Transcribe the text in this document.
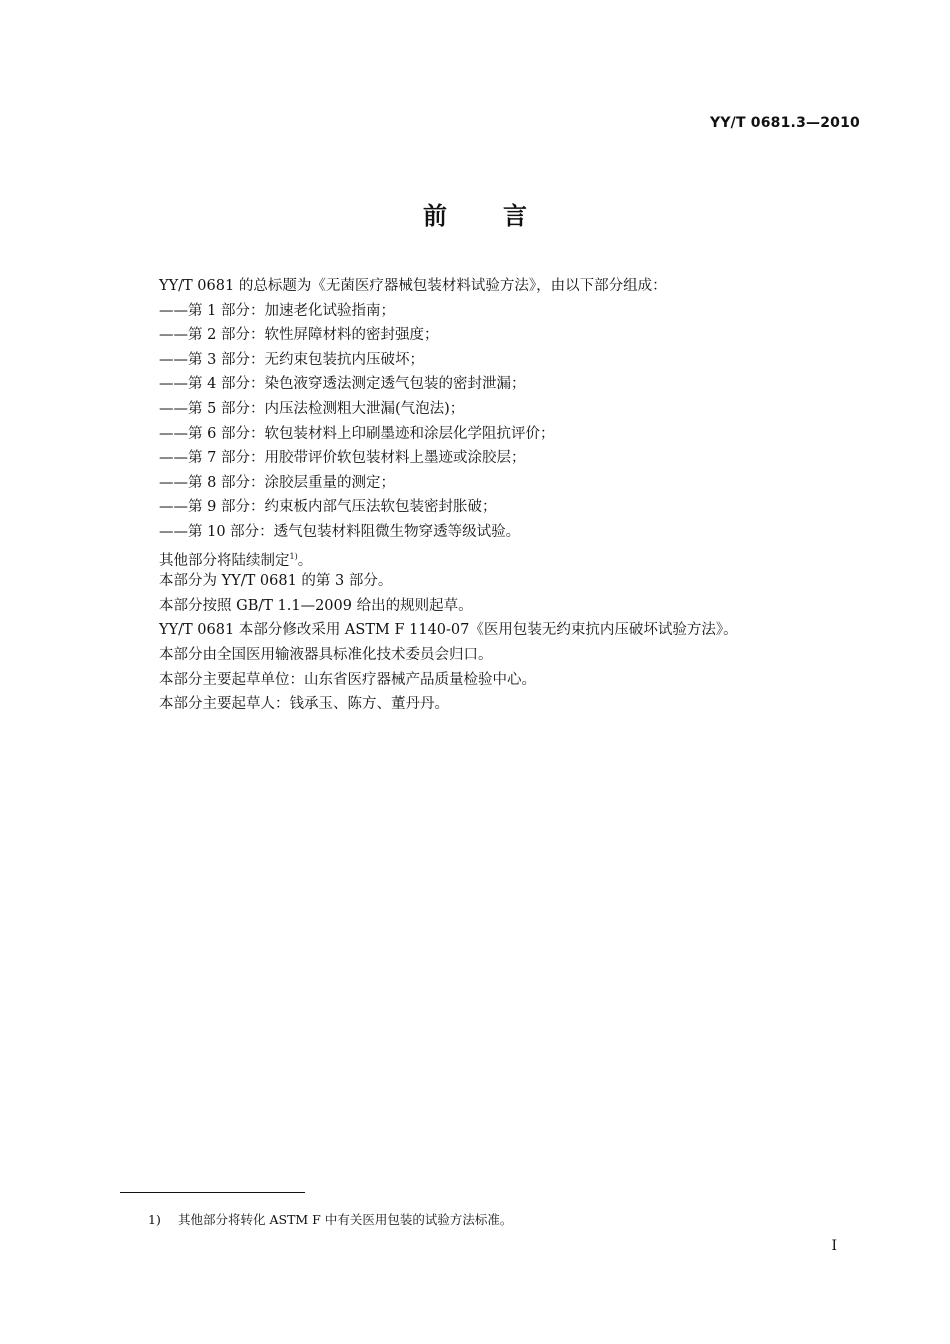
YY/T 0681.3—2010
前言
YY/T 0681 的总标题为《无菌医疗器械包装材料试验方法》，由以下部分组成：
——第 1 部分：加速老化试验指南；
——第 2 部分：软性屏障材料的密封强度；
——第 3 部分：无约束包装抗内压破坏；
——第 4 部分：染色液穿透法测定透气包装的密封泄漏；
——第 5 部分：内压法检测粗大泄漏(气泡法)；
——第 6 部分：软包装材料上印刷墨迹和涂层化学阻抗评价；
——第 7 部分：用胶带评价软包装材料上墨迹或涂胶层；
——第 8 部分：涂胶层重量的测定；
——第 9 部分：约束板内部气压法软包装密封胀破；
——第 10 部分：透气包装材料阻微生物穿透等级试验。
其他部分将陆续制定$^{1)}$。
本部分为 YY/T 0681 的第 3 部分。
本部分按照 GB/T 1.1—2009 给出的规则起草。
YY/T 0681 本部分修改采用 ASTM F 1140-07《医用包装无约束抗内压破坏试验方法》。
本部分由全国医用输液器具标准化技术委员会归口。
本部分主要起草单位：山东省医疗器械产品质量检验中心。
本部分主要起草人：钱承玉、陈方、董丹丹。
1) 其他部分将转化 ASTM F 中有关医用包装的试验方法标准。
I
